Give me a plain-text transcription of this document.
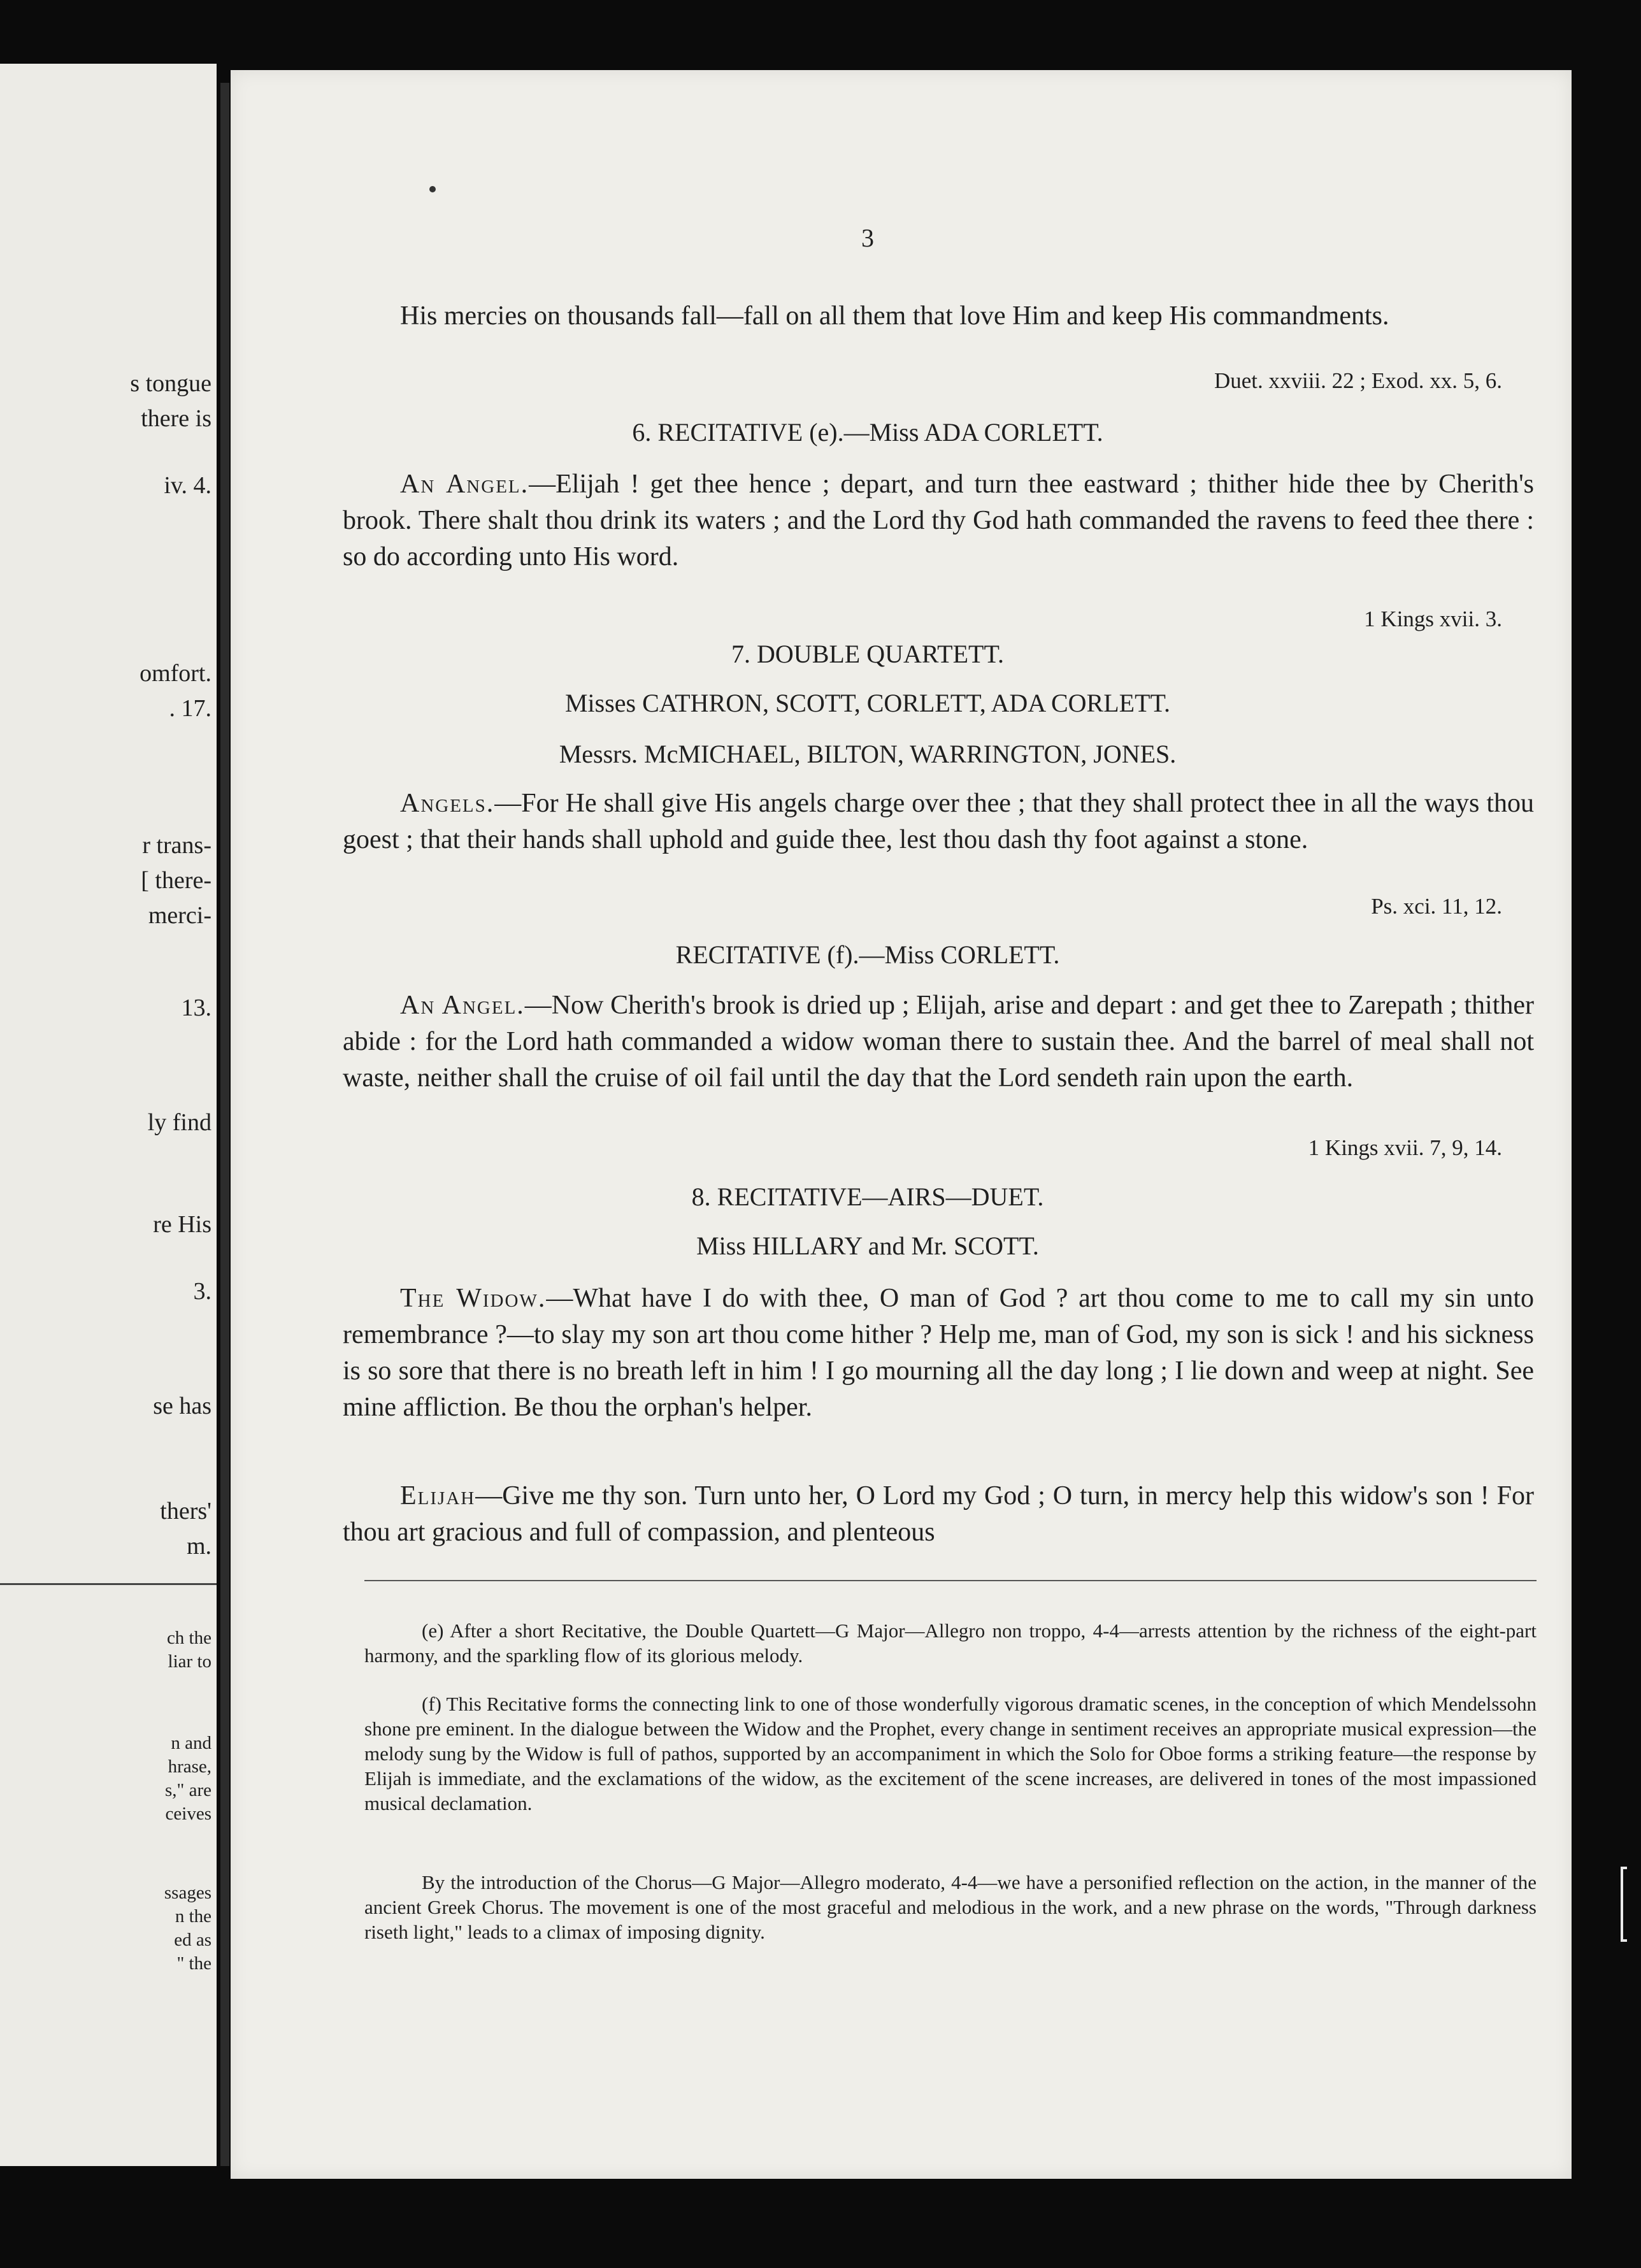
s tongue
there is
iv. 4.
omfort.
. 17.
r trans-
[ there-
merci-
13.
ly find
re His
3.
se has
thers'
m.
ch the
liar to
n and
hrase,
s," are
ceives
ssages
n the
ed as
" the
3
His mercies on thousands fall—fall on all them that love Him and keep His commandments.
Duet. xxviii. 22 ; Exod. xx. 5, 6.
6. RECITATIVE (e).—Miss ADA CORLETT.
An Angel.—Elijah ! get thee hence ; depart, and turn thee eastward ; thither hide thee by Cherith's brook. There shalt thou drink its waters ; and the Lord thy God hath commanded the ravens to feed thee there : so do according unto His word.
1 Kings xvii. 3.
7. DOUBLE QUARTETT.
Misses CATHRON, SCOTT, CORLETT, ADA CORLETT.
Messrs. McMICHAEL, BILTON, WARRINGTON, JONES.
Angels.—For He shall give His angels charge over thee ; that they shall protect thee in all the ways thou goest ; that their hands shall uphold and guide thee, lest thou dash thy foot against a stone.
Ps. xci. 11, 12.
RECITATIVE (f).—Miss CORLETT.
An Angel.—Now Cherith's brook is dried up ; Elijah, arise and depart : and get thee to Zarepath ; thither abide : for the Lord hath commanded a widow woman there to sustain thee. And the barrel of meal shall not waste, neither shall the cruise of oil fail until the day that the Lord sendeth rain upon the earth.
1 Kings xvii. 7, 9, 14.
8. RECITATIVE—AIRS—DUET.
Miss HILLARY and Mr. SCOTT.
The Widow.—What have I do with thee, O man of God ? art thou come to me to call my sin unto remembrance ?—to slay my son art thou come hither ? Help me, man of God, my son is sick ! and his sickness is so sore that there is no breath left in him ! I go mourning all the day long ; I lie down and weep at night. See mine affliction. Be thou the orphan's helper.
Elijah—Give me thy son. Turn unto her, O Lord my God ; O turn, in mercy help this widow's son ! For thou art gracious and full of compassion, and plenteous
(e) After a short Recitative, the Double Quartett—G Major—Allegro non troppo, 4-4—arrests attention by the richness of the eight-part harmony, and the sparkling flow of its glorious melody.
(f) This Recitative forms the connecting link to one of those wonderfully vigorous dramatic scenes, in the conception of which Mendelssohn shone pre eminent. In the dialogue between the Widow and the Prophet, every change in sentiment receives an appropriate musical expression—the melody sung by the Widow is full of pathos, supported by an accompaniment in which the Solo for Oboe forms a striking feature—the response by Elijah is immediate, and the exclamations of the widow, as the excitement of the scene increases, are delivered in tones of the most impassioned musical declamation.
By the introduction of the Chorus—G Major—Allegro moderato, 4-4—we have a personified reflection on the action, in the manner of the ancient Greek Chorus. The movement is one of the most graceful and melodious in the work, and a new phrase on the words, "Through darkness riseth light," leads to a climax of imposing dignity.
